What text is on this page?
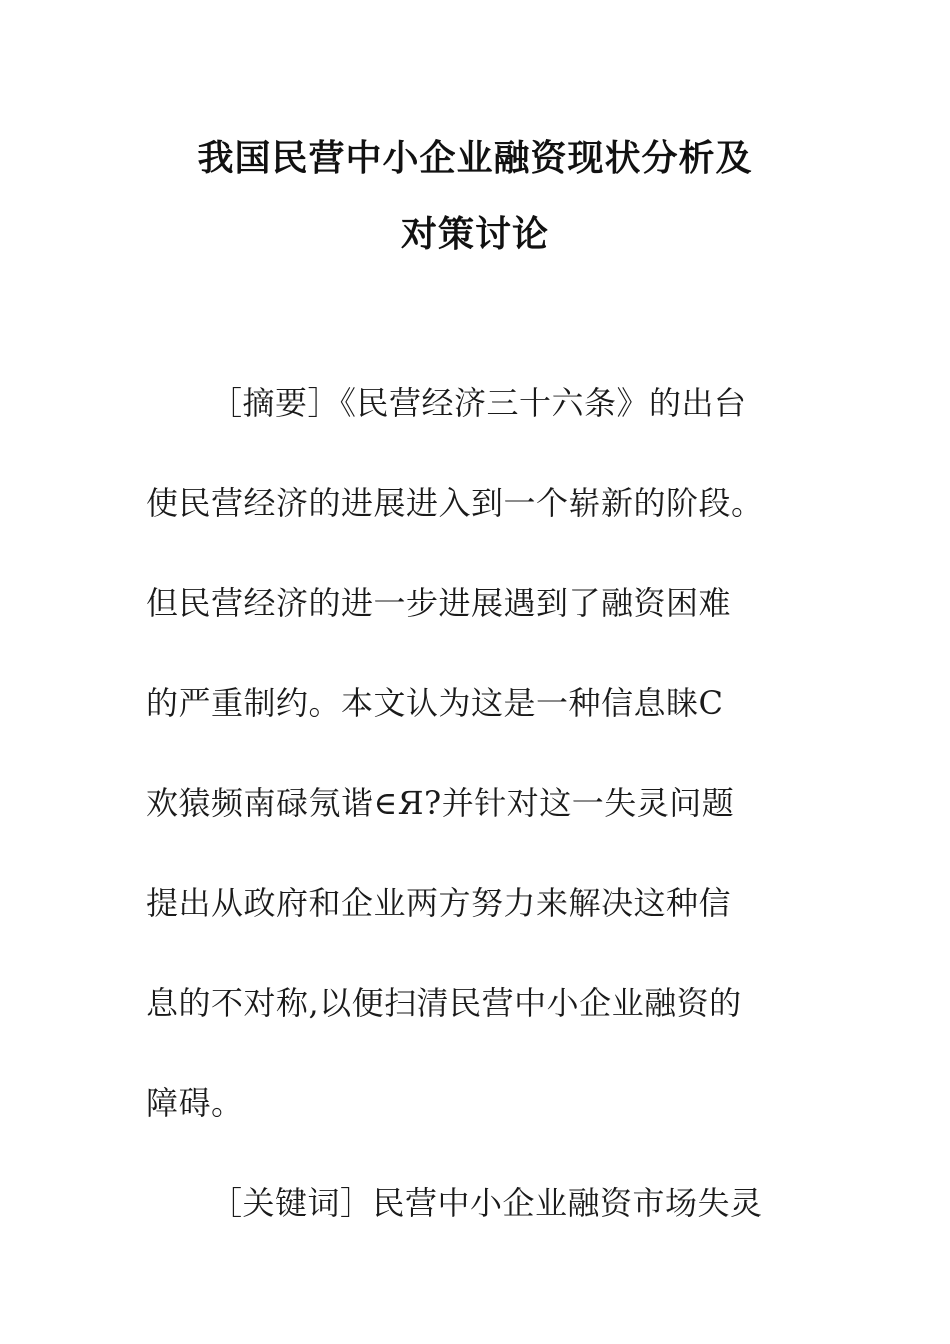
我国民营中小企业融资现状分析及
对策讨论
［摘要］《民营经济三十六条》的出台
使民营经济的进展进入到一个崭新的阶段。
但民营经济的进一步进展遇到了融资困难
的严重制约。本文认为这是一种信息睐C
欢猿频南碌氖谐∈Я?并针对这一失灵问题
提出从政府和企业两方努力来解决这种信
息的不对称,以便扫清民营中小企业融资的
障碍。
［关键词］民营中小企业融资市场失灵
